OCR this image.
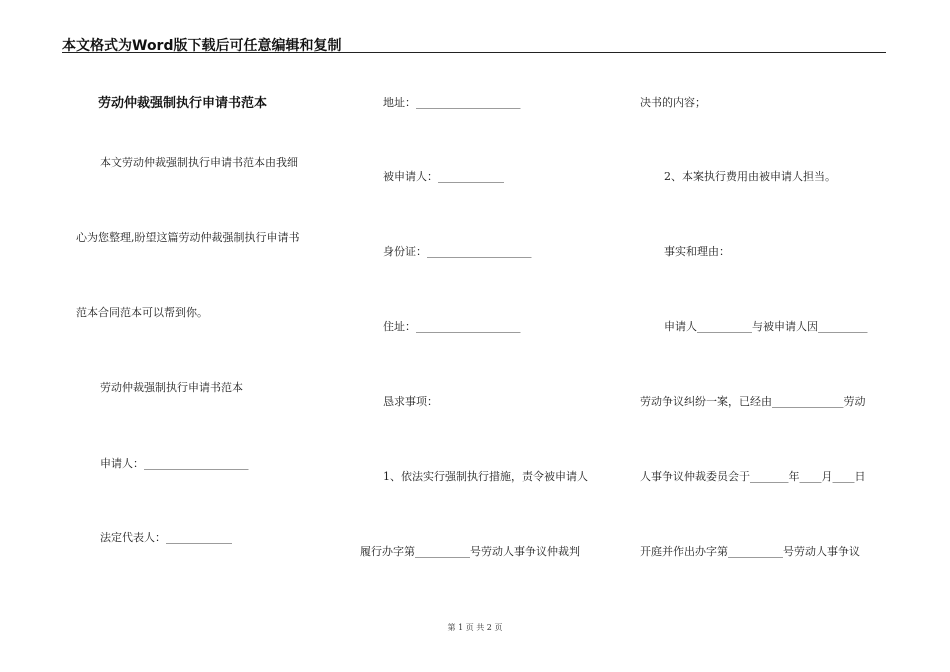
本文格式为Word版下载后可任意编辑和复制
劳动仲裁强制执行申请书范本
本文劳动仲裁强制执行申请书范本由我细
心为您整理,盼望这篇劳动仲裁强制执行申请书
范本合同范本可以帮到你。
劳动仲裁强制执行申请书范本
申请人：___________________
法定代表人：____________
地址：___________________
被申请人：____________
身份证：___________________
住址：___________________
恳求事项：
1、依法实行强制执行措施，责令被申请人
履行办字第__________号劳动人事争议仲裁判
决书的内容；
2、本案执行费用由被申请人担当。
事实和理由：
申请人__________与被申请人因_________
劳动争议纠纷一案，已经由_____________劳动
人事争议仲裁委员会于_______年____月____日
开庭并作出办字第__________号劳动人事争议
第 1 页 共 2 页
